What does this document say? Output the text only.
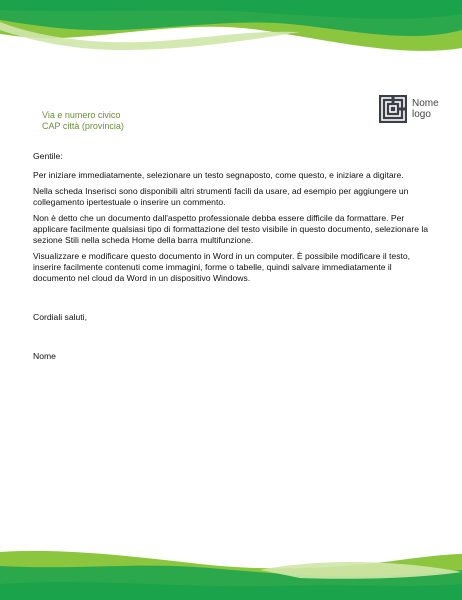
Via e numero civico
CAP città (provincia)
Nome
logo

Gentile:

Per iniziare immediatamente, selezionare un testo segnaposto, come questo, e iniziare a digitare.

Nella scheda Inserisci sono disponibili altri strumenti facili da usare, ad esempio per aggiungere un collegamento ipertestuale o inserire un commento.

Non è detto che un documento dall'aspetto professionale debba essere difficile da formattare. Per applicare facilmente qualsiasi tipo di formattazione del testo visibile in questo documento, selezionare la sezione Stili nella scheda Home della barra multifunzione.

Visualizzare e modificare questo documento in Word in un computer. È possibile modificare il testo, inserire facilmente contenuti come immagini, forme o tabelle, quindi salvare immediatamente il documento nel cloud da Word in un dispositivo Windows.

Cordiali saluti,

Nome
